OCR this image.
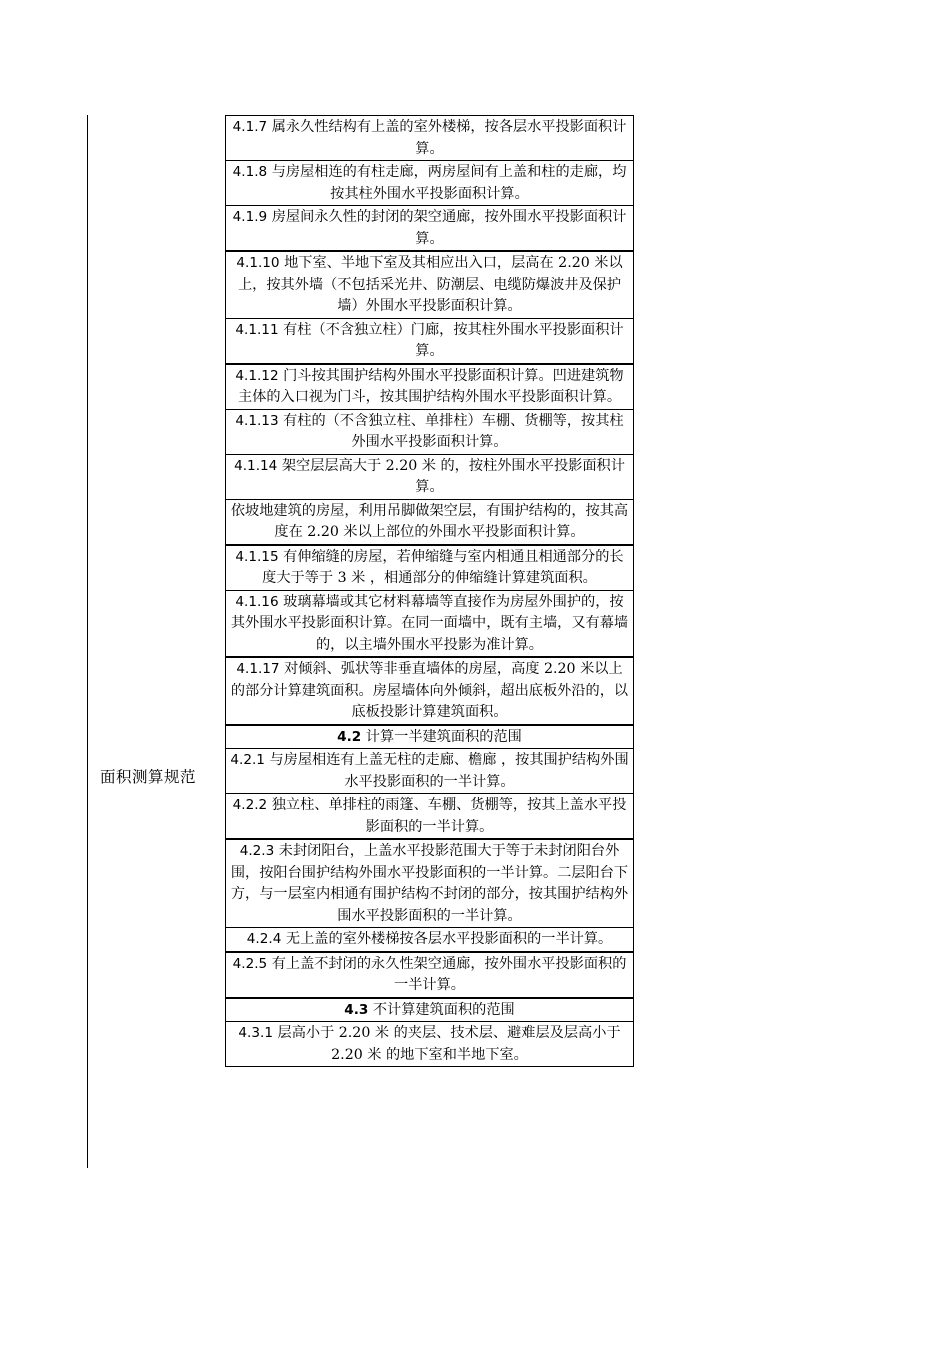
面积测算规范
4.1.7 属永久性结构有上盖的室外楼梯，按各层水平投影面积计算。
4.1.8 与房屋相连的有柱走廊，两房屋间有上盖和柱的走廊，均按其柱外围水平投影面积计算。
4.1.9 房屋间永久性的封闭的架空通廊，按外围水平投影面积计算。
4.1.10 地下室、半地下室及其相应出入口，层高在 2.20 米以上，按其外墙（不包括采光井、防潮层、电缆防爆波井及保护墙）外围水平投影面积计算。
4.1.11 有柱（不含独立柱）门廊，按其柱外围水平投影面积计算。
4.1.12 门斗按其围护结构外围水平投影面积计算。凹进建筑物主体的入口视为门斗，按其围护结构外围水平投影面积计算。
4.1.13 有柱的（不含独立柱、单排柱）车棚、货棚等，按其柱外围水平投影面积计算。
4.1.14 架空层层高大于 2.20 米 的，按柱外围水平投影面积计算。
依坡地建筑的房屋，利用吊脚做架空层，有围护结构的，按其高度在 2.20 米以上部位的外围水平投影面积计算。
4.1.15 有伸缩缝的房屋，若伸缩缝与室内相通且相通部分的长度大于等于 3 米 ，相通部分的伸缩缝计算建筑面积。
4.1.16 玻璃幕墙或其它材料幕墙等直接作为房屋外围护的，按其外围水平投影面积计算。在同一面墙中，既有主墙，又有幕墙的，以主墙外围水平投影为准计算。
4.1.17 对倾斜、弧状等非垂直墙体的房屋，高度 2.20 米以上的部分计算建筑面积。房屋墙体向外倾斜，超出底板外沿的，以底板投影计算建筑面积。
4.2 计算一半建筑面积的范围
4.2.1 与房屋相连有上盖无柱的走廊、檐廊 ，按其围护结构外围水平投影面积的一半计算。
4.2.2 独立柱、单排柱的雨篷、车棚、货棚等，按其上盖水平投影面积的一半计算。
4.2.3 未封闭阳台，上盖水平投影范围大于等于未封闭阳台外围，按阳台围护结构外围水平投影面积的一半计算。二层阳台下方，与一层室内相通有围护结构不封闭的部分，按其围护结构外围水平投影面积的一半计算。
4.2.4 无上盖的室外楼梯按各层水平投影面积的一半计算。
4.2.5 有上盖不封闭的永久性架空通廊，按外围水平投影面积的一半计算。
4.3 不计算建筑面积的范围
4.3.1 层高小于 2.20 米 的夹层、技术层、避难层及层高小于 2.20 米 的地下室和半地下室。
